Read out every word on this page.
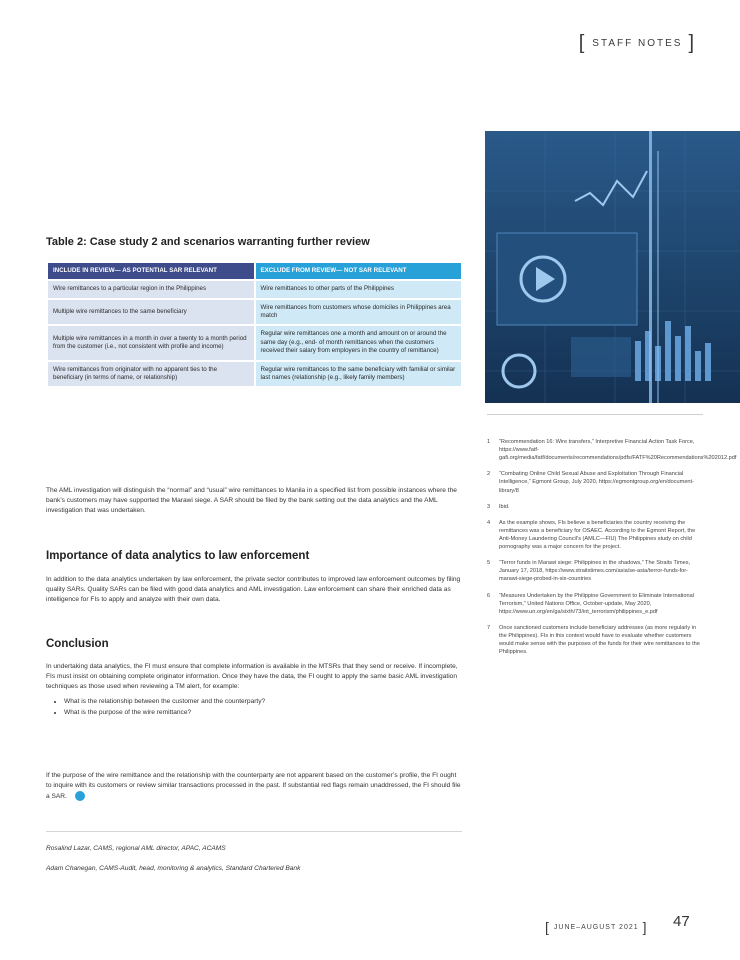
[ STAFF NOTES ]
Table 2: Case study 2 and scenarios warranting further review
INCLUDE IN REVIEW— AS POTENTIAL SAR RELEVANT	EXCLUDE FROM REVIEW— NOT SAR RELEVANT
Wire remittances to a particular region in the Philippines	Wire remittances to other parts of the Philippines
Multiple wire remittances to the same beneficiary	Wire remittances from customers whose domiciles in Philippines area match
Multiple wire remittances in a month in over a twenty to a month period from the customer (i.e., not consistent with profile and income)	Regular wire remittances one a month and amount on or around the same day (e.g., end- of month remittances when the customers received their salary from employers in the country of remittance)
Wire remittances from originator with no apparent ties to the beneficiary (in terms of name, or relationship)	Regular wire remittances to the same beneficiary with familial or similar last names (relationship (e.g., likely family members)
The AML investigation will distinguish the “normal” and “usual” wire remittances to Manila in a specified list from possible instances where the bank’s customers may have supported the Marawi siege. A SAR should be filed by the bank setting out the data analytics and the AML investigation that was undertaken.
Importance of data analytics to law enforcement
In addition to the data analytics undertaken by law enforcement, the private sector contributes to improved law enforcement outcomes by filing quality SARs. Quality SARs can be filed with good data analytics and AML investigation. Law enforcement can share their enriched data as intelligence for FIs to apply and analyze with their own data.
Conclusion
In undertaking data analytics, the FI must ensure that complete information is available in the MTSRs that they send or receive. If incomplete, FIs must insist on obtaining complete originator information. Once they have the data, the FI ought to apply the same basic AML investigation techniques as those used when reviewing a TM alert, for example:
• What is the relationship between the customer and the counterparty?
• What is the purpose of the wire remittance?
If the purpose of the wire remittance and the relationship with the counterparty are not apparent based on the customer’s profile, the FI ought to inquire with its customers or review similar transactions processed in the past. If substantial red flags remain unaddressed, the FI should file a SAR.
Rosalind Lazar, CAMS, regional AML director, APAC, ACAMS
Adam Chanegan, CAMS-Audit, head, monitoring & analytics, Standard Chartered Bank
1 “Recommendation 16: Wire transfers,” Interpretive Financial Action Task Force, https://www.fatf-gafi.org/media/fatf/documents/recommendations/pdfs/FATF%20Recommendations%202012.pdf
2 “Combating Online Child Sexual Abuse and Exploitation Through Financial Intelligence,” Egmont Group, July 2020, https://egmontgroup.org/en/document-library/8
3 Ibid.
4 As the example shows, FIs believe a beneficiaries the country receiving the remittances was a beneficiary for OSAEC. According to the Egmont Report, the Anti-Money Laundering Council’s (AMLC—FIU) The Philippines study on child pornography was a major concern for the project.
5 “Terror funds in Marawi siege: Philippines in the shadows,” The Straits Times, January 17, 2018, https://www.straitstimes.com/asia/se-asia/terror-funds-for-marawi-siege-probed-in-six-countries
6 “Measures Undertaken by the Philippine Government to Eliminate International Terrorism,” United Nations Office, October-update, May 2020, https://www.un.org/en/ga/sixth/73/int_terrorism/philippines_e.pdf
7 Once sanctioned customers include beneficiary addresses (as more regularly in the Philippines). FIs in this context would have to evaluate whether customers would make sense with the purposes of the funds for their wire remittances to the Philippines.
[ JUNE–AUGUST 2021 ] 47
